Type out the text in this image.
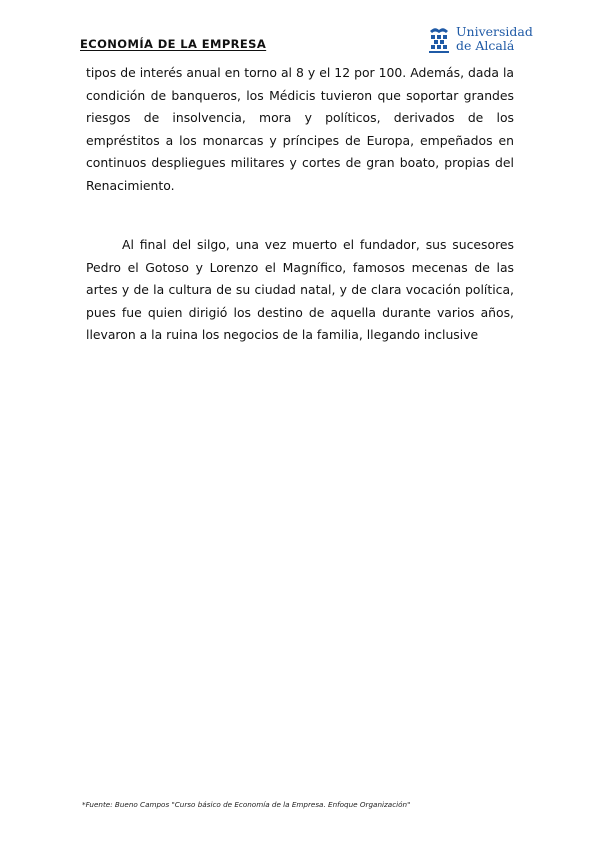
ECONOMÍA DE LA EMPRESA
Universidad
de Alcalá

tipos de interés anual en torno al 8 y el 12 por 100. Además, dada la condición de banqueros, los Médicis tuvieron que soportar grandes riesgos de insolvencia, mora y políticos, derivados de los empréstitos a los monarcas y príncipes de Europa, empeñados en continuos despliegues militares y cortes de gran boato, propias del Renacimiento.

Al final del silgo, una vez muerto el fundador, sus sucesores Pedro el Gotoso y Lorenzo el Magnífico, famosos mecenas de las artes y de la cultura de su ciudad natal, y de clara vocación política, pues fue quien dirigió los destino de aquella durante varios años, llevaron a la ruina los negocios de la familia, llegando inclusive

*Fuente: Bueno Campos "Curso básico de Economía de la Empresa. Enfoque Organización"
